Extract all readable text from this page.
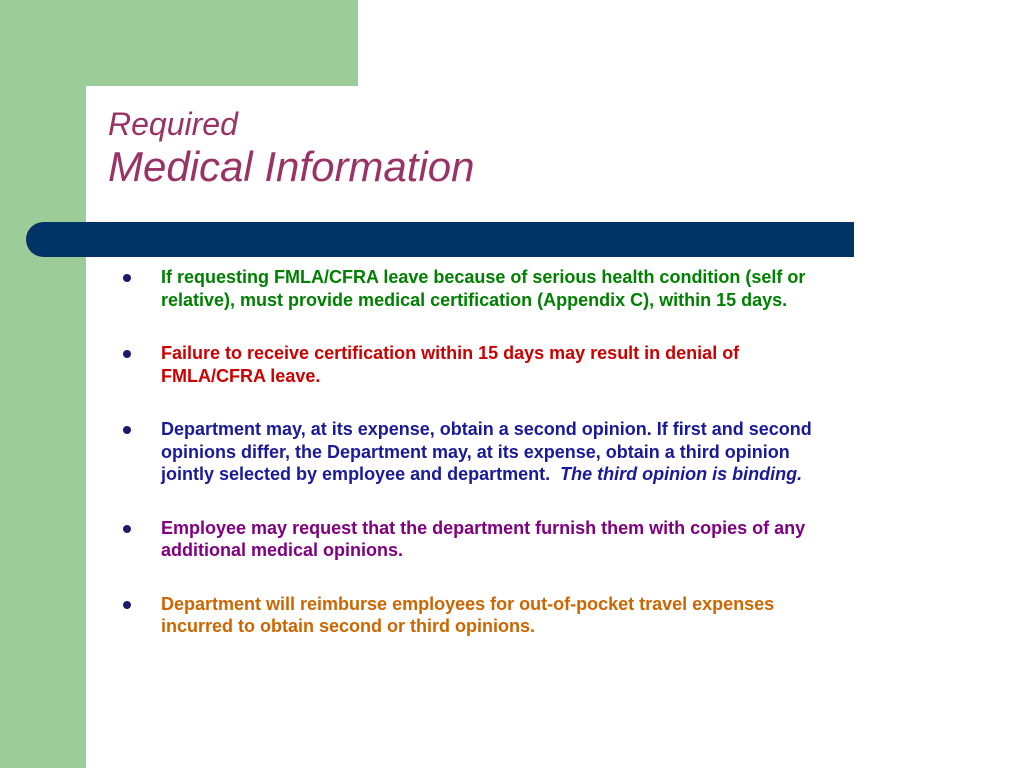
Required
Medical Information
If requesting FMLA/CFRA leave because of serious health condition (self or relative), must provide medical certification (Appendix C), within 15 days.
Failure to receive certification within 15 days may result in denial of FMLA/CFRA leave.
Department may, at its expense, obtain a second opinion. If first and second opinions differ, the Department may, at its expense, obtain a third opinion jointly selected by employee and department. The third opinion is binding.
Employee may request that the department furnish them with copies of any additional medical opinions.
Department will reimburse employees for out-of-pocket travel expenses incurred to obtain second or third opinions.
